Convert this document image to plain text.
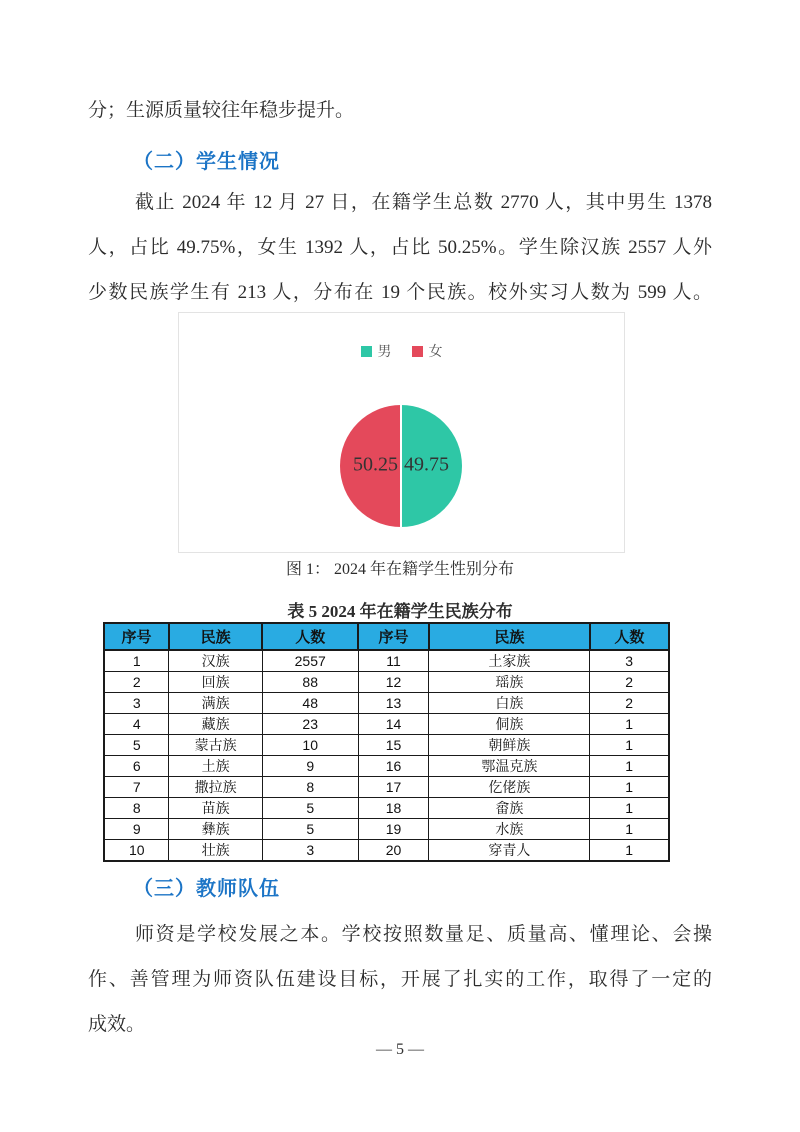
分；生源质量较往年稳步提升。
（二）学生情况
截止 2024 年 12 月 27 日，在籍学生总数 2770 人，其中男生 1378
人，占比 49.75%，女生 1392 人，占比 50.25%。学生除汉族 2557 人外
少数民族学生有 213 人，分布在 19 个民族。校外实习人数为 599 人。
男	女
50.25 49.75
图 1： 2024 年在籍学生性别分布
表 5 2024 年在籍学生民族分布
序号	民族	人数	序号	民族	人数
1	汉族	2557	11	土家族	3
2	回族	88	12	瑶族	2
3	满族	48	13	白族	2
4	藏族	23	14	侗族	1
5	蒙古族	10	15	朝鲜族	1
6	土族	9	16	鄂温克族	1
7	撒拉族	8	17	仡佬族	1
8	苗族	5	18	畲族	1
9	彝族	5	19	水族	1
10	壮族	3	20	穿青人	1
（三）教师队伍
师资是学校发展之本。学校按照数量足、质量高、懂理论、会操
作、善管理为师资队伍建设目标，开展了扎实的工作，取得了一定的
成效。
— 5 —
